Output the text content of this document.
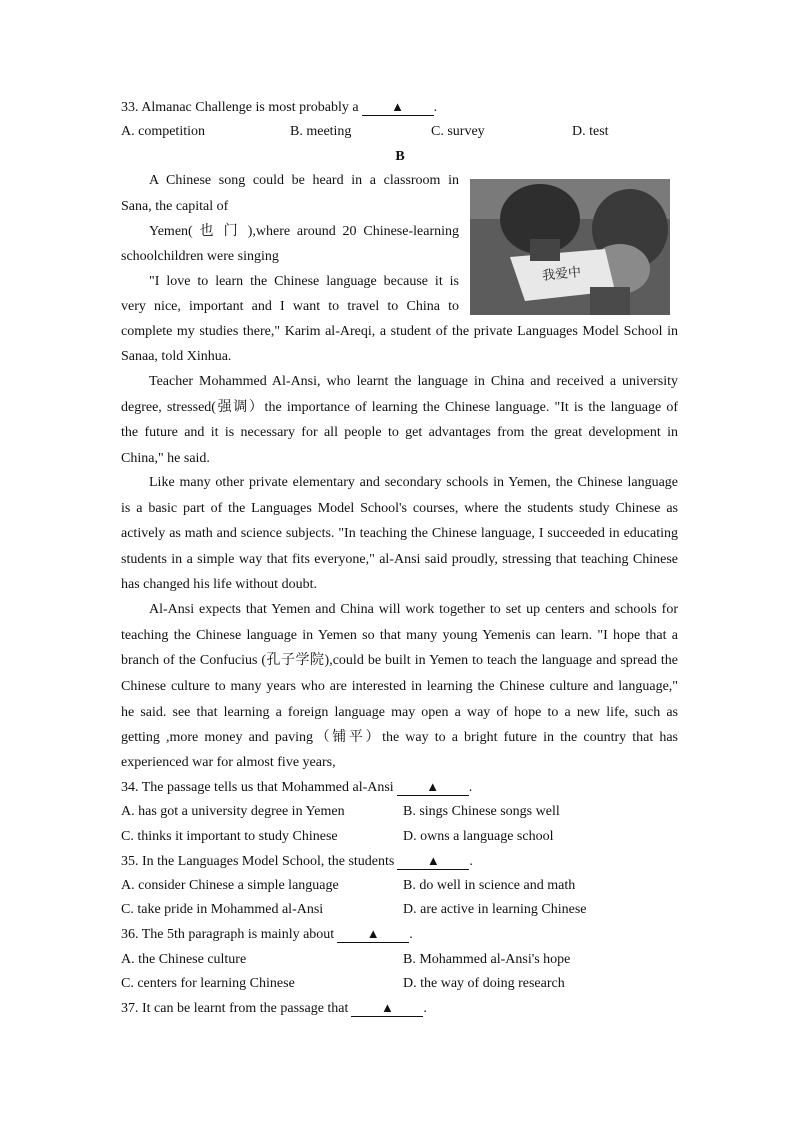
33. Almanac Challenge is most probably a	▲ .
A. competition	B. meeting	C. survey	D. test
B
我爱中
A Chinese song could be heard in a classroom in
Sana, the capital of
Yemen( 也 门 ),where around 20 Chinese-learning
schoolchildren were singing
"I love to learn the Chinese language because it is
very nice, important and I want to travel to China to
complete my studies there," Karim al-Areqi, a student of the private Languages Model School in
Sanaa, told Xinhua.
Teacher Mohammed Al-Ansi, who learnt the language in China and received a university
degree, stressed(强调）the importance of learning the Chinese language. "It is the language of
the future and it is necessary for all people to get advantages from the great development in
China," he said.
Like many other private elementary and secondary schools in Yemen, the Chinese language
is a basic part of the Languages Model School's courses, where the students study Chinese as
actively as math and science subjects. "In teaching the Chinese language, I succeeded in educating
students in a simple way that fits everyone," al-Ansi said proudly, stressing that teaching Chinese
has changed his life without doubt.
Al-Ansi expects that Yemen and China will work together to set up centers and schools for
teaching the Chinese language in Yemen so that many young Yemenis can learn. "I hope that a
branch of the Confucius (孔子学院),could be built in Yemen to teach the language and spread the
Chinese culture to many years who are interested in learning the Chinese culture and language,"
he said. see that learning a foreign language may open a way of hope to a new life, such as
getting ,more money and paving（铺平）the way to a bright future in the country that has
experienced war for almost five years,
34. The passage tells us that Mohammed al-Ansi	▲ .
A. has got a university degree in Yemen	B. sings Chinese songs well
C. thinks it important to study Chinese	D. owns a language school
35. In the Languages Model School, the students	▲ .
A. consider Chinese a simple language	B. do well in science and math
C. take pride in Mohammed al-Ansi	D. are active in learning Chinese
36. The 5th paragraph is mainly about	▲ .
A. the Chinese culture	B. Mohammed al-Ansi's hope
C. centers for learning Chinese	D. the way of doing research
37. It can be learnt from the passage that	▲ .
